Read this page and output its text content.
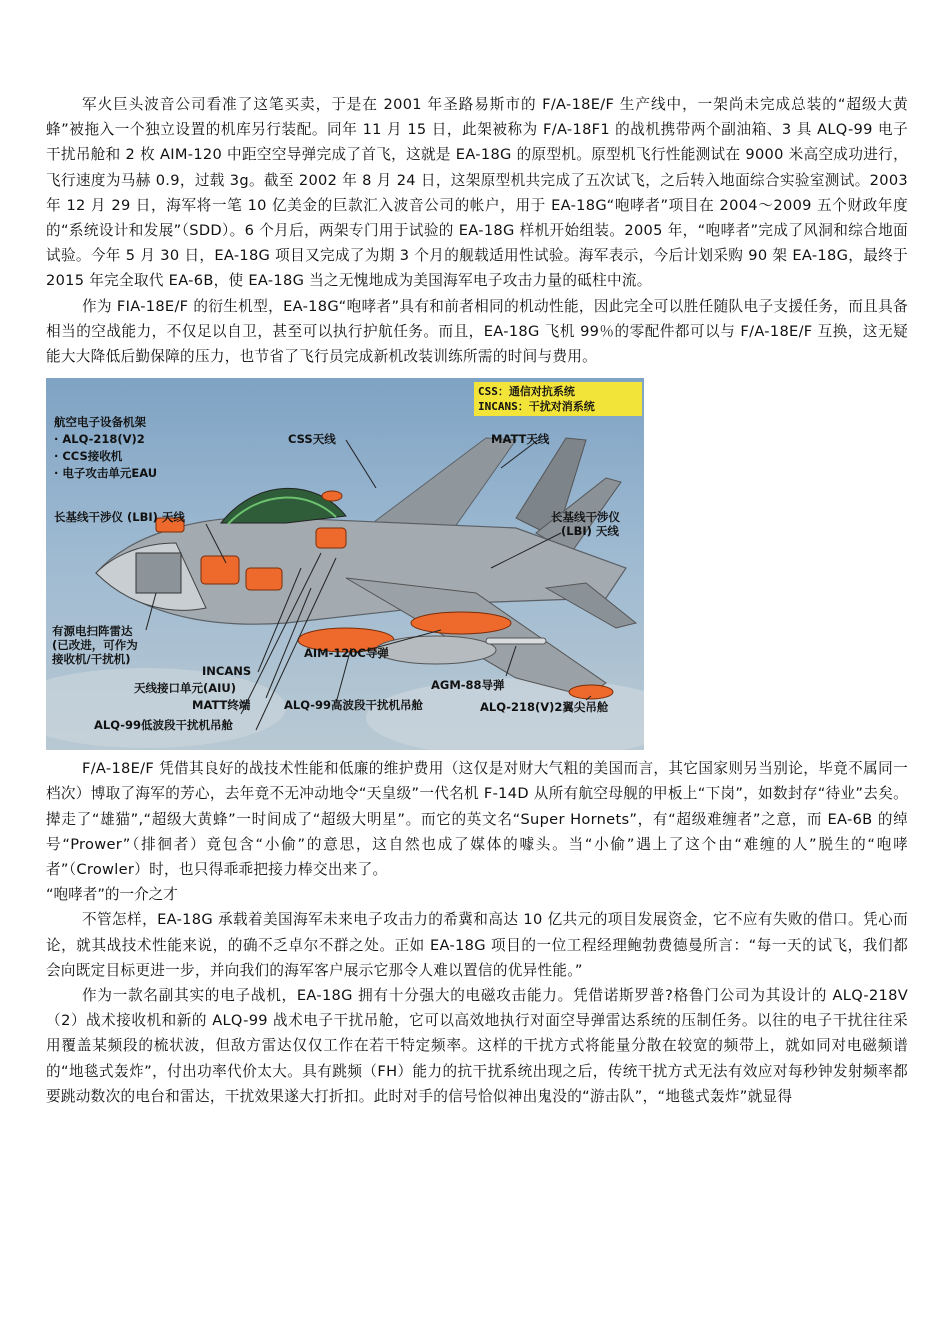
军火巨头波音公司看准了这笔买卖，于是在 2001 年圣路易斯市的 F/A-18E/F 生产线中，一架尚未完成总装的“超级大黄蜂”被拖入一个独立设置的机库另行装配。同年 11 月 15 日，此架被称为 F/A-18F1 的战机携带两个副油箱、3 具 ALQ-99 电子干扰吊舱和 2 枚 AIM-120 中距空空导弹完成了首飞，这就是 EA-18G 的原型机。原型机飞行性能测试在 9000 米高空成功进行，飞行速度为马赫 0.9，过载 3g。截至 2002 年 8 月 24 日，这架原型机共完成了五次试飞，之后转入地面综合实验室测试。2003 年 12 月 29 日，海军将一笔 10 亿美金的巨款汇入波音公司的帐户，用于 EA-18G“咆哮者”项目在 2004～2009 五个财政年度的“系统设计和发展”（SDD）。6 个月后，两架专门用于试验的 EA-18G 样机开始组装。2005 年，“咆哮者”完成了风洞和综合地面试验。今年 5 月 30 日，EA-18G 项目又完成了为期 3 个月的舰载适用性试验。海军表示，今后计划采购 90 架 EA-18G，最终于 2015 年完全取代 EA-6B，使 EA-18G 当之无愧地成为美国海军电子攻击力量的砥柱中流。

作为 FIA-18E/F 的衍生机型，EA-18G“咆哮者”具有和前者相同的机动性能，因此完全可以胜任随队电子支援任务，而且具备相当的空战能力，不仅足以自卫，甚至可以执行护航任务。而且，EA-18G 飞机 99％的零配件都可以与 F/A-18E/F 互换，这无疑能大大降低后勤保障的压力，也节省了飞行员完成新机改装训练所需的时间与费用。

CSS：通信对抗系统
INCANS：干扰对消系统
航空电子设备机架
· ALQ-218(V)2
· CCS接收机
· 电子攻击单元EAU
CSS天线	MATT天线
长基线干涉仪 (LBI) 天线	长基线干涉仪
(LBI) 天线
有源电扫阵雷达
(已改进，可作为
接收机/干扰机)	AIM-120C导弹
INCANS
天线接口单元(AIU)	AGM-88导弹
MATT终端	ALQ-99高波段干扰机吊舱	ALQ-218(V)2翼尖吊舱
ALQ-99低波段干扰机吊舱

F/A-18E/F 凭借其良好的战技术性能和低廉的维护费用（这仅是对财大气粗的美国而言，其它国家则另当别论，毕竟不属同一档次）博取了海军的芳心，去年竟不无冲动地令“天皇级”一代名机 F-14D 从所有航空母舰的甲板上“下岗”，如数封存“待业”去矣。撵走了“雄猫”,“超级大黄蜂”一时间成了“超级大明星”。而它的英文名“Super Hornets”，有“超级难缠者”之意，而 EA-6B 的绰号“Prower”（排徊者）竟包含“小偷”的意思，这自然也成了媒体的噱头。当“小偷”遇上了这个由“难缠的人”脱生的“咆哮者”（Crowler）时，也只得乖乖把接力棒交出来了。

“咆哮者”的一介之才

不管怎样，EA-18G 承载着美国海军未来电子攻击力的希冀和高达 10 亿共元的项目发展资金，它不应有失败的借口。凭心而论，就其战技术性能来说，的确不乏卓尔不群之处。正如 EA-18G 项目的一位工程经理鲍勃费德曼所言：“每一天的试飞，我们都会向既定目标更进一步，并向我们的海军客户展示它那令人难以置信的优异性能。”

作为一款名副其实的电子战机，EA-18G 拥有十分强大的电磁攻击能力。凭借诺斯罗普?格鲁门公司为其设计的 ALQ-218V（2）战术接收机和新的 ALQ-99 战术电子干扰吊舱，它可以高效地执行对面空导弹雷达系统的压制任务。以往的电子干扰往往采用覆盖某频段的梳状波，但敌方雷达仅仅工作在若干特定频率。这样的干扰方式将能量分散在较宽的频带上，就如同对电磁频谱的“地毯式轰炸”，付出功率代价太大。具有跳频（FH）能力的抗干扰系统出现之后，传统干扰方式无法有效应对每秒钟发射频率都要跳动数次的电台和雷达，干扰效果遂大打折扣。此时对手的信号恰似神出鬼没的“游击队”，“地毯式轰炸”就显得
